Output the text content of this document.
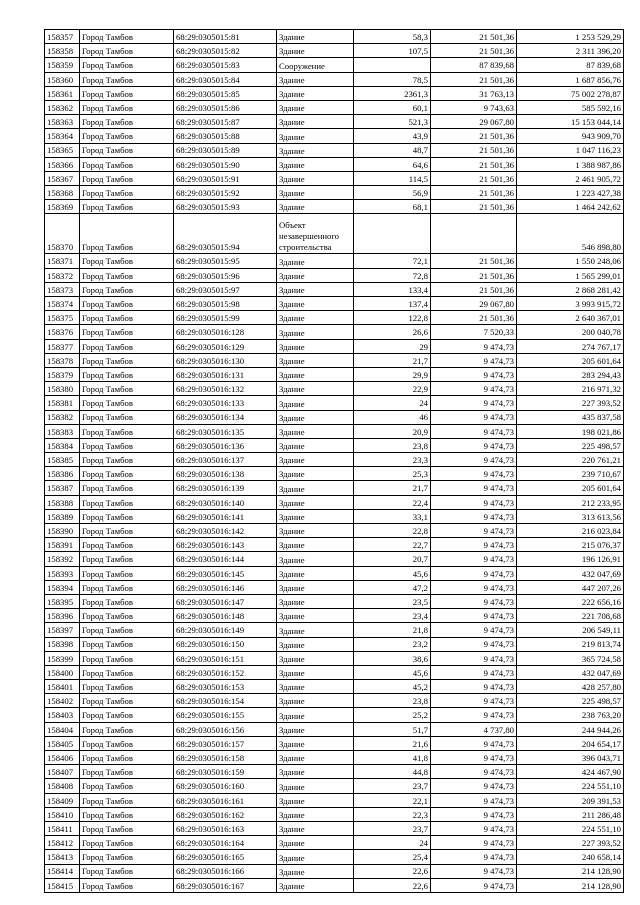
158357	Город Тамбов	68:29:0305015:81	Здание	58,3	21 501,36	1 253 529,29
158358	Город Тамбов	68:29:0305015:82	Здание	107,5	21 501,36	2 311 396,20
158359	Город Тамбов	68:29:0305015:83	Сооружение		87 839,68	87 839,68
158360	Город Тамбов	68:29:0305015:84	Здание	78,5	21 501,36	1 687 856,76
158361	Город Тамбов	68:29:0305015:85	Здание	2361,3	31 763,13	75 002 278,87
158362	Город Тамбов	68:29:0305015:86	Здание	60,1	9 743,63	585 592,16
158363	Город Тамбов	68:29:0305015:87	Здание	521,3	29 067,80	15 153 044,14
158364	Город Тамбов	68:29:0305015:88	Здание	43,9	21 501,36	943 909,70
158365	Город Тамбов	68:29:0305015:89	Здание	48,7	21 501,36	1 047 116,23
158366	Город Тамбов	68:29:0305015:90	Здание	64,6	21 501,36	1 388 987,86
158367	Город Тамбов	68:29:0305015:91	Здание	114,5	21 501,36	2 461 905,72
158368	Город Тамбов	68:29:0305015:92	Здание	56,9	21 501,36	1 223 427,38
158369	Город Тамбов	68:29:0305015:93	Здание	68,1	21 501,36	1 464 242,62
158370	Город Тамбов	68:29:0305015:94	Объект незавершенного строительства			546 898,80
158371	Город Тамбов	68:29:0305015:95	Здание	72,1	21 501,36	1 550 248,06
158372	Город Тамбов	68:29:0305015:96	Здание	72,8	21 501,36	1 565 299,01
158373	Город Тамбов	68:29:0305015:97	Здание	133,4	21 501,36	2 868 281,42
158374	Город Тамбов	68:29:0305015:98	Здание	137,4	29 067,80	3 993 915,72
158375	Город Тамбов	68:29:0305015:99	Здание	122,8	21 501,36	2 640 367,01
158376	Город Тамбов	68:29:0305016:128	Здание	26,6	7 520,33	200 040,78
158377	Город Тамбов	68:29:0305016:129	Здание	29	9 474,73	274 767,17
158378	Город Тамбов	68:29:0305016:130	Здание	21,7	9 474,73	205 601,64
158379	Город Тамбов	68:29:0305016:131	Здание	29,9	9 474,73	283 294,43
158380	Город Тамбов	68:29:0305016:132	Здание	22,9	9 474,73	216 971,32
158381	Город Тамбов	68:29:0305016:133	Здание	24	9 474,73	227 393,52
158382	Город Тамбов	68:29:0305016:134	Здание	46	9 474,73	435 837,58
158383	Город Тамбов	68:29:0305016:135	Здание	20,9	9 474,73	198 021,86
158384	Город Тамбов	68:29:0305016:136	Здание	23,8	9 474,73	225 498,57
158385	Город Тамбов	68:29:0305016:137	Здание	23,3	9 474,73	220 761,21
158386	Город Тамбов	68:29:0305016:138	Здание	25,3	9 474,73	239 710,67
158387	Город Тамбов	68:29:0305016:139	Здание	21,7	9 474,73	205 601,64
158388	Город Тамбов	68:29:0305016:140	Здание	22,4	9 474,73	212 233,95
158389	Город Тамбов	68:29:0305016:141	Здание	33,1	9 474,73	313 613,56
158390	Город Тамбов	68:29:0305016:142	Здание	22,8	9 474,73	216 023,84
158391	Город Тамбов	68:29:0305016:143	Здание	22,7	9 474,73	215 076,37
158392	Город Тамбов	68:29:0305016:144	Здание	20,7	9 474,73	196 126,91
158393	Город Тамбов	68:29:0305016:145	Здание	45,6	9 474,73	432 047,69
158394	Город Тамбов	68:29:0305016:146	Здание	47,2	9 474,73	447 207,26
158395	Город Тамбов	68:29:0305016:147	Здание	23,5	9 474,73	222 656,16
158396	Город Тамбов	68:29:0305016:148	Здание	23,4	9 474,73	221 708,68
158397	Город Тамбов	68:29:0305016:149	Здание	21,8	9 474,73	206 549,11
158398	Город Тамбов	68:29:0305016:150	Здание	23,2	9 474,73	219 813,74
158399	Город Тамбов	68:29:0305016:151	Здание	38,6	9 474,73	365 724,58
158400	Город Тамбов	68:29:0305016:152	Здание	45,6	9 474,73	432 047,69
158401	Город Тамбов	68:29:0305016:153	Здание	45,2	9 474,73	428 257,80
158402	Город Тамбов	68:29:0305016:154	Здание	23,8	9 474,73	225 498,57
158403	Город Тамбов	68:29:0305016:155	Здание	25,2	9 474,73	238 763,20
158404	Город Тамбов	68:29:0305016:156	Здание	51,7	4 737,80	244 944,26
158405	Город Тамбов	68:29:0305016:157	Здание	21,6	9 474,73	204 654,17
158406	Город Тамбов	68:29:0305016:158	Здание	41,8	9 474,73	396 043,71
158407	Город Тамбов	68:29:0305016:159	Здание	44,8	9 474,73	424 467,90
158408	Город Тамбов	68:29:0305016:160	Здание	23,7	9 474,73	224 551,10
158409	Город Тамбов	68:29:0305016:161	Здание	22,1	9 474,73	209 391,53
158410	Город Тамбов	68:29:0305016:162	Здание	22,3	9 474,73	211 286,48
158411	Город Тамбов	68:29:0305016:163	Здание	23,7	9 474,73	224 551,10
158412	Город Тамбов	68:29:0305016:164	Здание	24	9 474,73	227 393,52
158413	Город Тамбов	68:29:0305016:165	Здание	25,4	9 474,73	240 658,14
158414	Город Тамбов	68:29:0305016:166	Здание	22,6	9 474,73	214 128,90
158415	Город Тамбов	68:29:0305016:167	Здание	22,6	9 474,73	214 128,90
